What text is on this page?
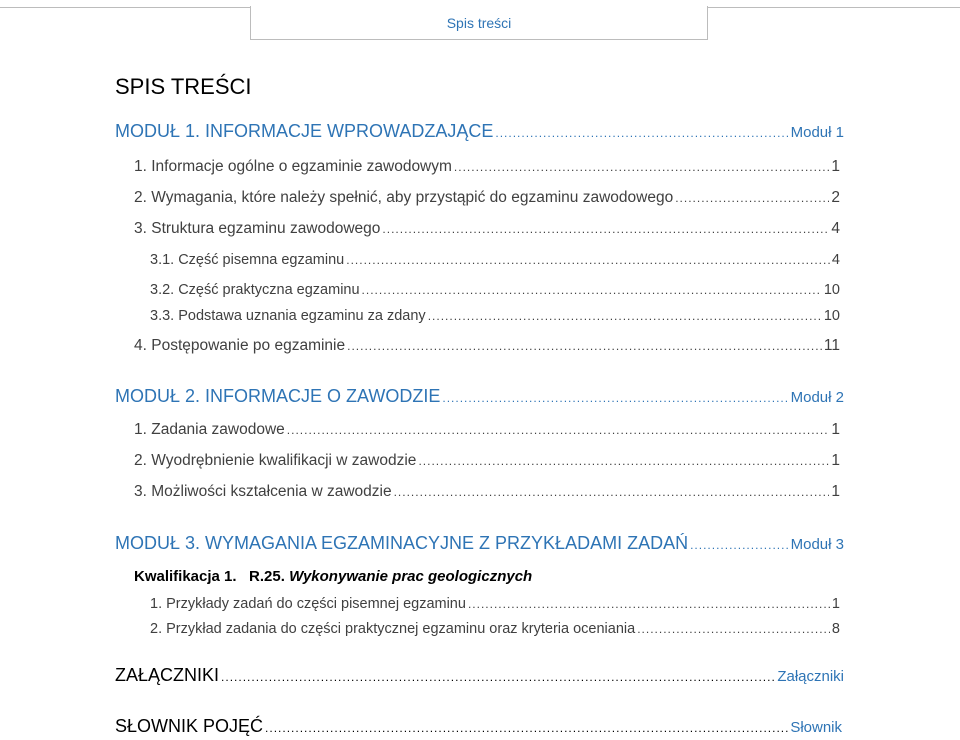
Spis treści
SPIS TREŚCI
MODUŁ 1. INFORMACJE WPROWADZAJĄCE .....	Moduł 1
1. Informacje ogólne o egzaminie zawodowym .....	1
2. Wymagania, które należy spełnić, aby przystąpić do egzaminu zawodowego .....	2
3. Struktura egzaminu zawodowego .....	4
3.1. Część pisemna egzaminu .....	4
3.2. Część praktyczna egzaminu .....	10
3.3. Podstawa uznania egzaminu za zdany .....	10
4. Postępowanie po egzaminie .....	11
MODUŁ 2. INFORMACJE O ZAWODZIE .....	Moduł 2
1. Zadania zawodowe .....	1
2. Wyodrębnienie kwalifikacji w zawodzie .....	1
3. Możliwości kształcenia w zawodzie .....	1
MODUŁ 3. WYMAGANIA EGZAMINACYJNE Z PRZYKŁADAMI ZADAŃ .....	Moduł 3
Kwalifikacja 1.   R.25. Wykonywanie prac geologicznych
1. Przykłady zadań do części pisemnej egzaminu .....	1
2. Przykład zadania do części praktycznej egzaminu oraz kryteria oceniania .....	8
ZAŁĄCZNIKI .....	Załączniki
SŁOWNIK POJĘĆ .....	Słownik
